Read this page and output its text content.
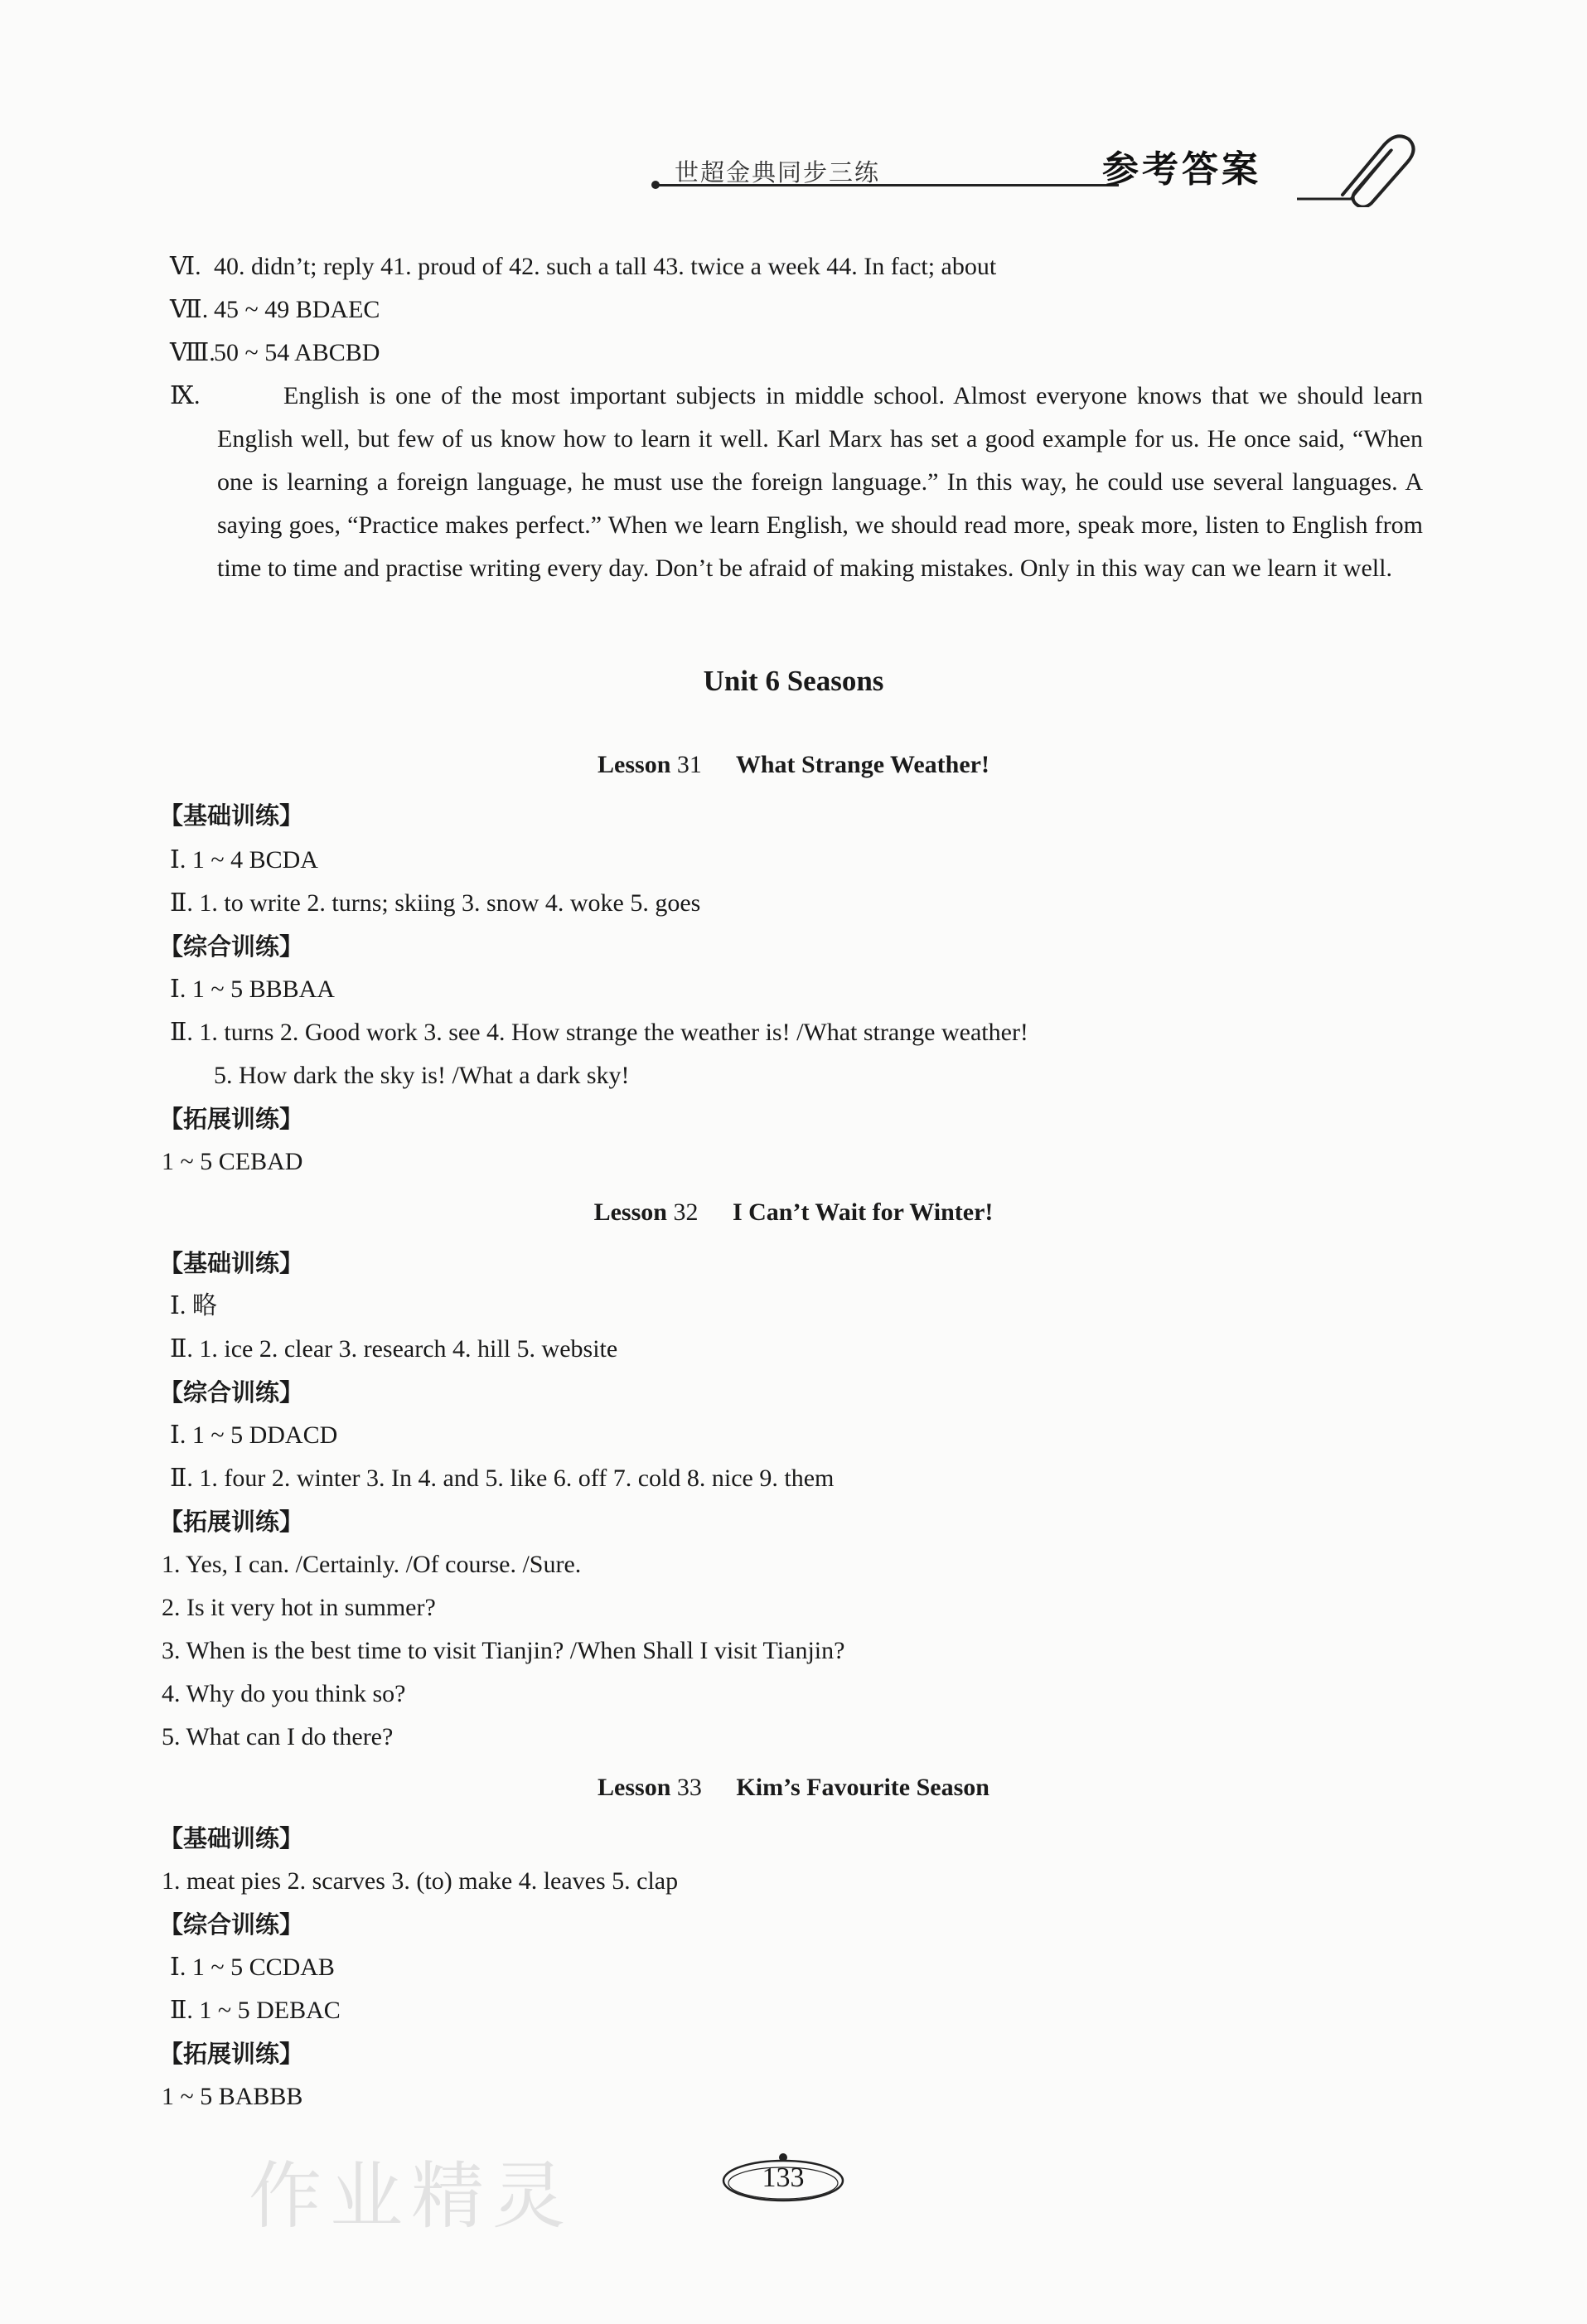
世超金典同步三练	参考答案
Ⅵ. 40. didn’t; reply 41. proud of 42. such a tall 43. twice a week 44. In fact; about
Ⅶ. 45 ~ 49 BDAEC
Ⅷ.
50 ~ 54 ABCBD
Ⅸ.	English is one of the most important subjects in middle school. Almost everyone knows that we should learn English well, but few of us know how to learn it well. Karl Marx has set a good example for us. He once said, “When one is learning a foreign language, he must use the foreign language.” In this way, he could use several languages. A saying goes, “Practice makes perfect.” When we learn English, we should read more, speak more, listen to English from time to time and practise writing every day. Don’t be afraid of making mistakes. Only in this way can we learn it well.
Unit 6 Seasons
Lesson 31 What Strange Weather!
【基础训练】
Ⅰ. 1 ~ 4 BCDA
Ⅱ. 1. to write 2. turns; skiing 3. snow 4. woke 5. goes
【综合训练】
Ⅰ. 1 ~ 5 BBBAA
Ⅱ. 1. turns 2. Good work 3. see 4. How strange the weather is! /What strange weather!
5. How dark the sky is! /What a dark sky!
【拓展训练】
1 ~ 5 CEBAD
Lesson 32 I Can’t Wait for Winter!
【基础训练】
Ⅰ. 略
Ⅱ. 1. ice 2. clear 3. research 4. hill 5. website
【综合训练】
Ⅰ. 1 ~ 5 DDACD
Ⅱ. 1. four 2. winter 3. In 4. and 5. like 6. off 7. cold 8. nice 9. them
【拓展训练】
1. Yes, I can. /Certainly. /Of course. /Sure.
2. Is it very hot in summer?
3. When is the best time to visit Tianjin? /When Shall I visit Tianjin?
4. Why do you think so?
5. What can I do there?
Lesson 33 Kim’s Favourite Season
【基础训练】
1. meat pies 2. scarves 3. (to) make 4. leaves 5. clap
【综合训练】
Ⅰ. 1 ~ 5 CCDAB
Ⅱ. 1 ~ 5 DEBAC
【拓展训练】
1 ~ 5 BABBB
作业精灵	133
